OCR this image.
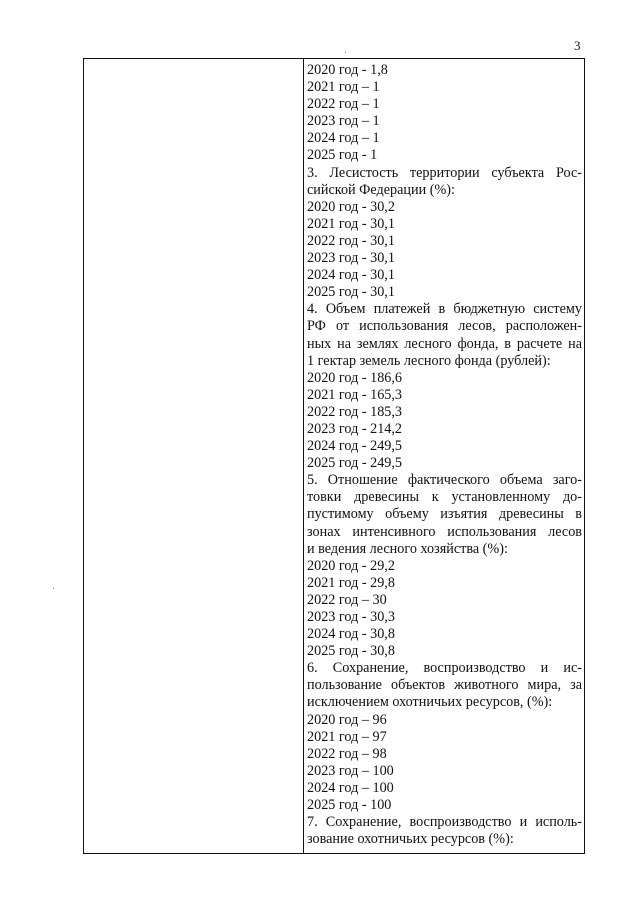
3
2020 год - 1,8
2021 год – 1
2022 год – 1
2023 год – 1
2024 год – 1
2025 год - 1
3. Лесистость территории субъекта Рос-
сийской Федерации (%):
2020 год - 30,2
2021 год - 30,1
2022 год - 30,1
2023 год - 30,1
2024 год - 30,1
2025 год - 30,1
4. Объем платежей в бюджетную систему
РФ от использования лесов, расположен-
ных на землях лесного фонда, в расчете на
1 гектар земель лесного фонда (рублей):
2020 год - 186,6
2021 год - 165,3
2022 год - 185,3
2023 год - 214,2
2024 год - 249,5
2025 год - 249,5
5. Отношение фактического объема заго-
товки древесины к установленному до-
пустимому объему изъятия древесины в
зонах интенсивного использования лесов
и ведения лесного хозяйства (%):
2020 год - 29,2
2021 год - 29,8
2022 год – 30
2023 год - 30,3
2024 год - 30,8
2025 год - 30,8
6. Сохранение, воспроизводство и ис-
пользование объектов животного мира, за
исключением охотничьих ресурсов, (%):
2020 год – 96
2021 год – 97
2022 год – 98
2023 год – 100
2024 год – 100
2025 год - 100
7. Сохранение, воспроизводство и исполь-
зование охотничьих ресурсов (%):
